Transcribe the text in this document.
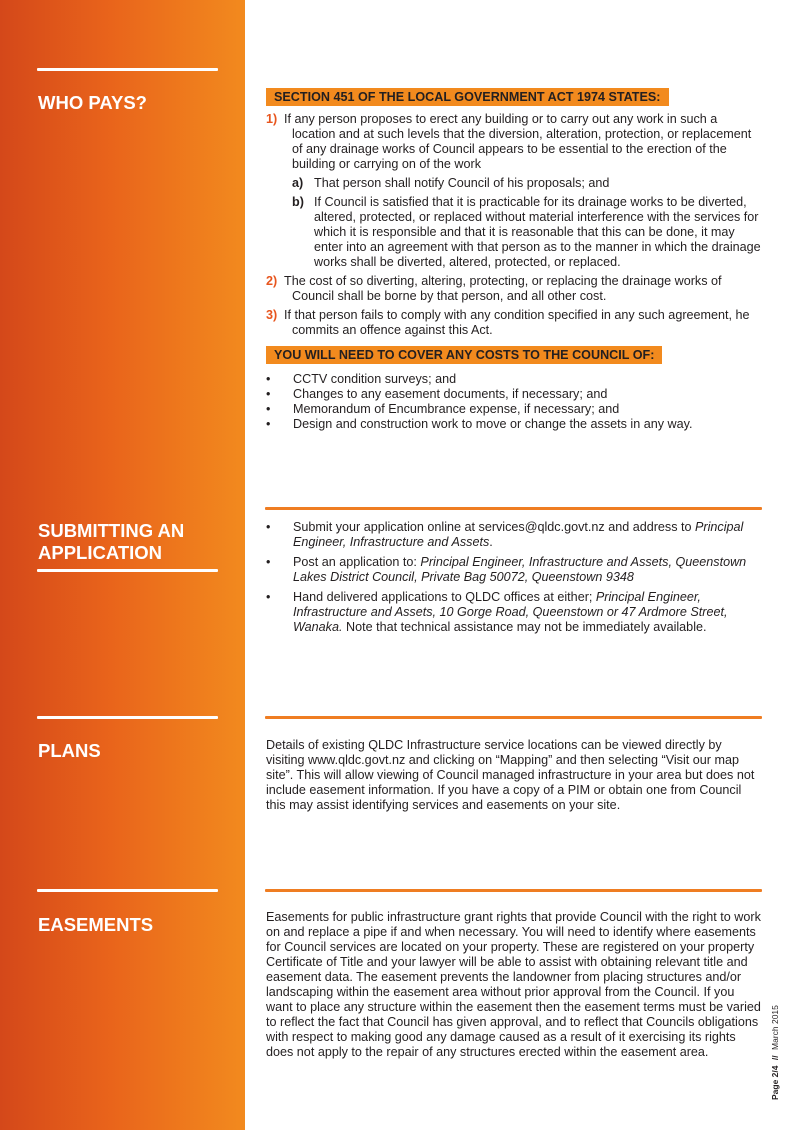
WHO PAYS?	SECTION 451 OF THE LOCAL GOVERNMENT ACT 1974 STATES:
1) If any person proposes to erect any building or to carry out any work in such a location and at such levels that the diversion, alteration, protection, or replacement of any drainage works of Council appears to be essential to the erection of the building or carrying on of the work
a) That person shall notify Council of his proposals; and
b) If Council is satisfied that it is practicable for its drainage works to be diverted, altered, protected, or replaced without material interference with the services for which it is responsible and that it is reasonable that this can be done, it may enter into an agreement with that person as to the manner in which the drainage works shall be diverted, altered, protected, or replaced.
2) The cost of so diverting, altering, protecting, or replacing the drainage works of Council shall be borne by that person, and all other cost.
3) If that person fails to comply with any condition specified in any such agreement, he commits an offence against this Act.
YOU WILL NEED TO COVER ANY COSTS TO THE COUNCIL OF:
• CCTV condition surveys; and
• Changes to any easement documents, if necessary; and
• Memorandum of Encumbrance expense, if necessary; and
• Design and construction work to move or change the assets in any way.
SUBMITTING AN APPLICATION
• Submit your application online at services@qldc.govt.nz and address to Principal Engineer, Infrastructure and Assets.
• Post an application to: Principal Engineer, Infrastructure and Assets, Queenstown Lakes District Council, Private Bag 50072, Queenstown 9348
• Hand delivered applications to QLDC offices at either; Principal Engineer, Infrastructure and Assets, 10 Gorge Road, Queenstown or 47 Ardmore Street, Wanaka. Note that technical assistance may not be immediately available.
PLANS	Details of existing QLDC Infrastructure service locations can be viewed directly by visiting www.qldc.govt.nz and clicking on “Mapping” and then selecting “Visit our map site”. This will allow viewing of Council managed infrastructure in your area but does not include easement information. If you have a copy of a PIM or obtain one from Council this may assist identifying services and easements on your site.
EASEMENTS	Easements for public infrastructure grant rights that provide Council with the right to work on and replace a pipe if and when necessary. You will need to identify where easements for Council services are located on your property. These are registered on your property Certificate of Title and your lawyer will be able to assist with obtaining relevant title and easement data. The easement prevents the landowner from placing structures and/or landscaping within the easement area without prior approval from the Council. If you want to place any structure within the easement then the easement terms must be varied to reflect the fact that Council has given approval, and to reflect that Councils obligations with respect to making good any damage caused as a result of it exercising its rights does not apply to the repair of any structures erected within the easement area.
Page 2/4 // March 2015
